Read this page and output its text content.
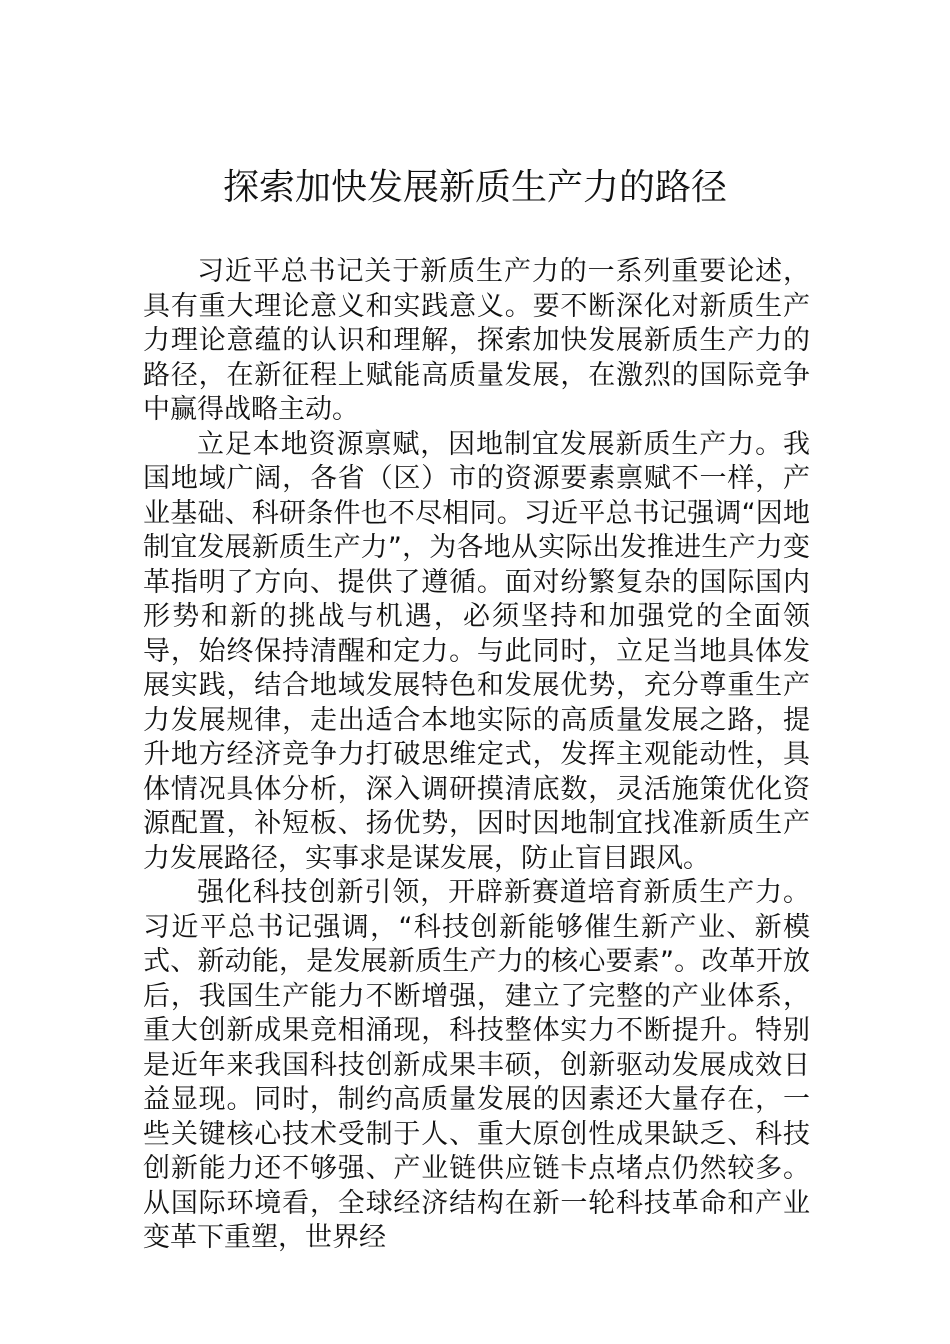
探索加快发展新质生产力的路径

习近平总书记关于新质生产力的一系列重要论述，具有重大理论意义和实践意义。要不断深化对新质生产力理论意蕴的认识和理解，探索加快发展新质生产力的路径，在新征程上赋能高质量发展，在激烈的国际竞争中赢得战略主动。

立足本地资源禀赋，因地制宜发展新质生产力。我国地域广阔，各省（区）市的资源要素禀赋不一样，产业基础、科研条件也不尽相同。习近平总书记强调“因地制宜发展新质生产力”，为各地从实际出发推进生产力变革指明了方向、提供了遵循。面对纷繁复杂的国际国内形势和新的挑战与机遇，必须坚持和加强党的全面领导，始终保持清醒和定力。与此同时，立足当地具体发展实践，结合地域发展特色和发展优势，充分尊重生产力发展规律，走出适合本地实际的高质量发展之路，提升地方经济竞争力打破思维定式，发挥主观能动性，具体情况具体分析，深入调研摸清底数，灵活施策优化资源配置，补短板、扬优势，因时因地制宜找准新质生产力发展路径，实事求是谋发展，防止盲目跟风。

强化科技创新引领，开辟新赛道培育新质生产力。习近平总书记强调，“科技创新能够催生新产业、新模式、新动能，是发展新质生产力的核心要素”。改革开放后，我国生产能力不断增强，建立了完整的产业体系，重大创新成果竞相涌现，科技整体实力不断提升。特别是近年来我国科技创新成果丰硕，创新驱动发展成效日益显现。同时，制约高质量发展的因素还大量存在，一些关键核心技术受制于人、重大原创性成果缺乏、科技创新能力还不够强、产业链供应链卡点堵点仍然较多。从国际环境看，全球经济结构在新一轮科技革命和产业变革下重塑，世界经
